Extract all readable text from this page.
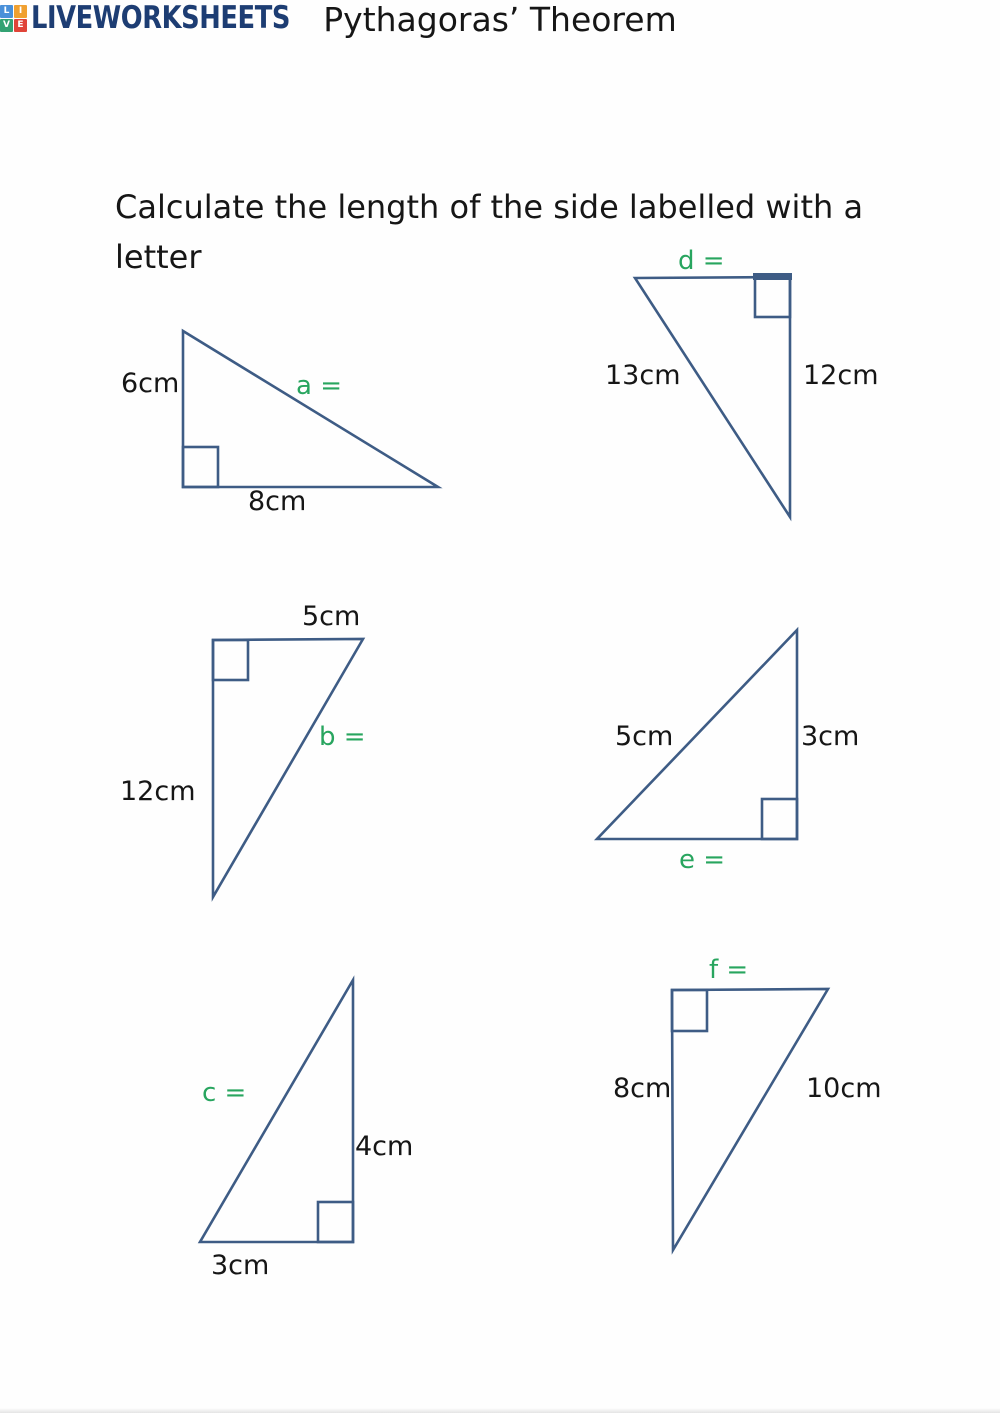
Pythagoras’ Theorem
Calculate the length of the side labelled with a
letter
6cm	a =
8cm
d =
13cm	12cm
5cm
b =
12cm
5cm	3cm
e =
c =
4cm
3cm
f =
8cm	10cm
L	I
V E LIVEWORKSHEETS
